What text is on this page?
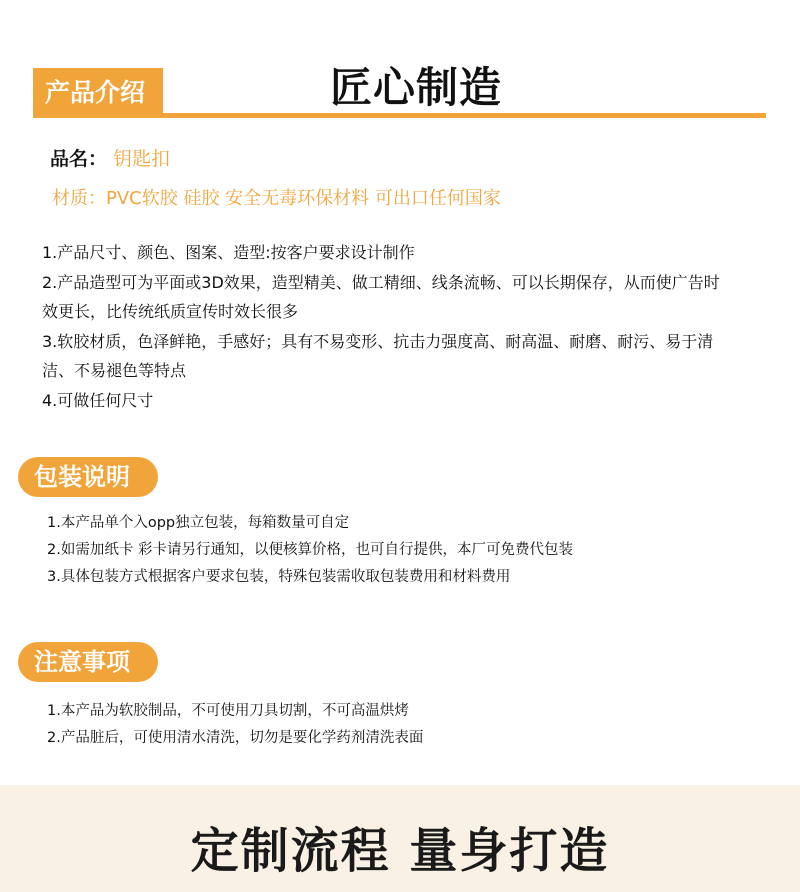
产品介绍	匠心制造
品名： 钥匙扣
材质：PVC软胶 硅胶 安全无毒环保材料 可出口任何国家

1.产品尺寸、颜色、图案、造型:按客户要求设计制作

2.产品造型可为平面或3D效果，造型精美、做工精细、线条流畅、可以长期保存，从而使广告时效更长，比传统纸质宣传时效长很多

3.软胶材质，色泽鲜艳，手感好；具有不易变形、抗击力强度高、耐高温、耐磨、耐污、易于清洁、不易褪色等特点

4.可做任何尺寸

包装说明

1.本产品单个入opp独立包装，每箱数量可自定

2.如需加纸卡 彩卡请另行通知，以便核算价格，也可自行提供，本厂可免费代包装

3.具体包装方式根据客户要求包装，特殊包装需收取包装费用和材料费用

注意事项

1.本产品为软胶制品，不可使用刀具切割，不可高温烘烤

2.产品脏后，可使用清水清洗，切勿是要化学药剂清洗表面

定制流程 量身打造
